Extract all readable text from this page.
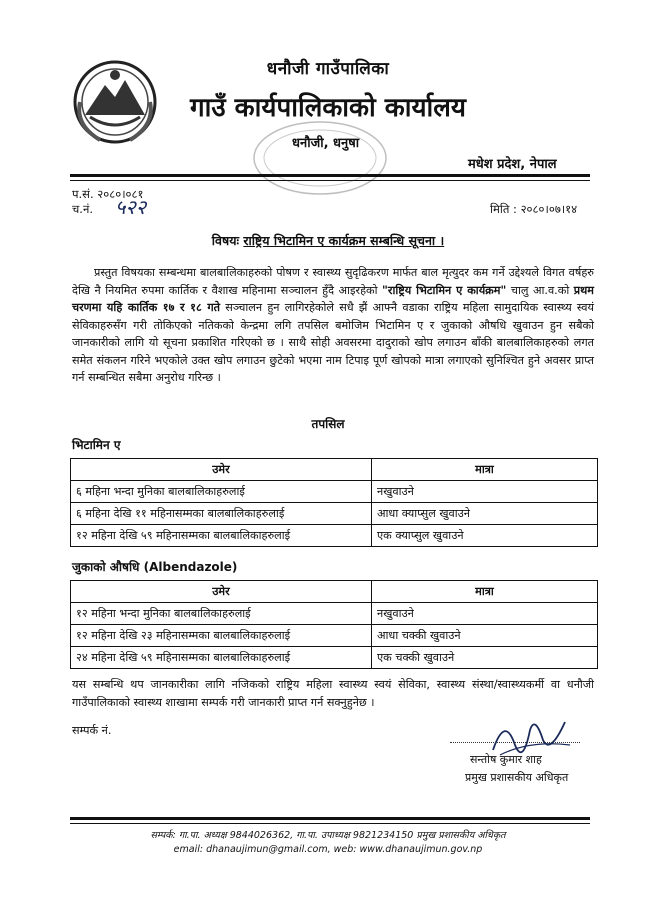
धनौजी गाउँपालिका
गाउँ कार्यपालिकाको कार्यालय
धनौजी, धनुषा
मधेश प्रदेश, नेपाल
प.सं. २०८०।०८१
च.नं. ५२२	मिति : २०८०।०७।१४
विषयः राष्ट्रिय भिटामिन ए कार्यक्रम सम्बन्धि सूचना ।
प्रस्तुत विषयका सम्बन्धमा बालबालिकाहरुको पोषण र स्वास्थ्य सुदृढिकरण मार्फत बाल मृत्युदर कम गर्ने उद्देश्यले विगत वर्षहरु देखि नै नियमित रुपमा कार्तिक र वैशाख महिनामा सञ्चालन हुँदै आइरहेको "राष्ट्रिय भिटामिन ए कार्यक्रम" चालु आ.व.को प्रथम चरणमा यहि कार्तिक १७ र १८ गते सञ्चालन हुन लागिरहेकोले सधै झैं आफ्नै वडाका राष्ट्रिय महिला सामुदायिक स्वास्थ्य स्वयं सेविकाहरुसँग गरी तोकिएको नतिकको केन्द्रमा लगि तपसिल बमोजिम भिटामिन ए र जुकाको औषधि खुवाउन हुन सबैको जानकारीको लागि यो सूचना प्रकाशित गरिएको छ । साथै सोही अवसरमा दादुराको खोप लगाउन बाँकी बालबालिकाहरुको लगत समेत संकलन गरिने भएकोले उक्त खोप लगाउन छुटेको भएमा नाम टिपाइ पूर्ण खोपको मात्रा लगाएको सुनिश्चित हुने अवसर प्राप्त गर्न सम्बन्धित सबैमा अनुरोध गरिन्छ ।
तपसिल
भिटामिन ए
उमेर	मात्रा
६ महिना भन्दा मुनिका बालबालिकाहरुलाई	नखुवाउने
६ महिना देखि ११ महिनासम्मका बालबालिकाहरुलाई	आधा क्याप्सुल खुवाउने
१२ महिना देखि ५९ महिनासम्मका बालबालिकाहरुलाई	एक क्याप्सुल खुवाउने
जुकाको औषधि (Albendazole)
उमेर	मात्रा
१२ महिना भन्दा मुनिका बालबालिकाहरुलाई	नखुवाउने
१२ महिना देखि २३ महिनासम्मका बालबालिकाहरुलाई	आधा चक्की खुवाउने
२४ महिना देखि ५९ महिनासम्मका बालबालिकाहरुलाई	एक चक्की खुवाउने
यस सम्बन्धि थप जानकारीका लागि नजिकको राष्ट्रिय महिला स्वास्थ्य स्वयं सेविका, स्वास्थ्य संस्था/स्वास्थ्यकर्मी वा धनौजी गाउँपालिकाको स्वास्थ्य शाखामा सम्पर्क गरी जानकारी प्राप्त गर्न सक्नुहुनेछ ।
सम्पर्क नं.
सन्तोष कुमार शाह
प्रमुख प्रशासकीय अधिकृत
सम्पर्क: गा.पा. अध्यक्ष 9844026362, गा.पा. उपाध्यक्ष 9821234150 प्रमुख प्रशासकीय अधिकृत
email: dhanaujimun@gmail.com, web: www.dhanaujimun.gov.np
